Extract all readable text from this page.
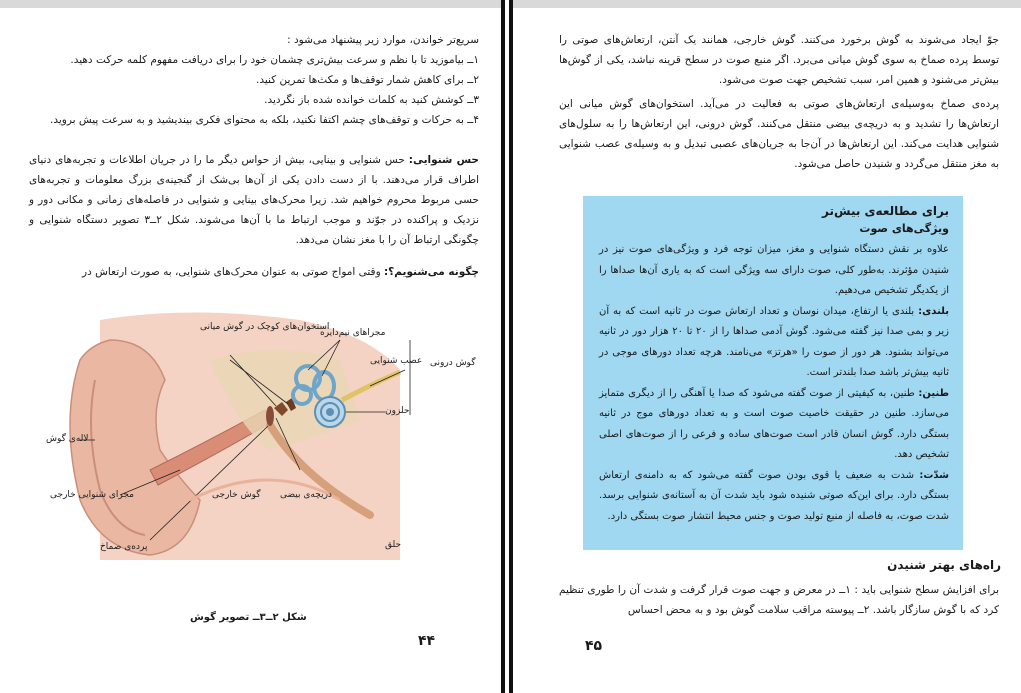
سریع‌تر خواندن، موارد زیر پیشنهاد می‌شود :
۱ــ بیاموزید تا با نظم و سرعت بیش‌تری چشمان خود را برای دریافت مفهوم کلمه حرکت دهید.
۲ــ برای کاهش شمار توقف‌ها و مکث‌ها تمرین کنید.
۳ــ کوشش کنید به کلمات خوانده شده باز نگردید.
۴ــ به حرکات و توقف‌های چشم اکتفا نکنید، بلکه به محتوای فکری بیندیشید و به سرعت پیش بروید.
حس شنوایی: حس شنوایی و بینایی، بیش از حواس دیگر ما را در جریان اطلاعات و تجربه‌های دنیای اطراف قرار می‌دهند. با از دست دادن یکی از آن‌ها بی‌شک از گنجینه‌ی بزرگ معلومات و تجربه‌های حسی مربوط محروم خواهیم شد. زیرا محرک‌های بینایی و شنوایی در فاصله‌های زمانی و مکانی دور و نزدیک و پراکنده در جوّند و موجب ارتباط ما با آن‌ها می‌شوند. شکل ۲ــ۳ تصویر دستگاه شنوایی و چگونگی ارتباط آن را با مغز نشان می‌دهد.
چگونه می‌شنویم؟: وقتی امواج صوتی به عنوان محرک‌های شنوایی، به صورت ارتعاش در
استخوان‌های کوچک در گوش میانی
مجراهای نیم‌دایره
عصب شنوایی گوش درونی
حلزون
لاله‌ی گوش
مجرای شنوایی خارجی	گوش خارجی دریچه‌ی بیضی
پرده‌ی صماخ	حلق
شکل ۲ــ۳ــ تصویر گوش
۴۴
جوّ ایجاد می‌شوند به گوش برخورد می‌کنند. گوش خارجی، همانند یک آنتن، ارتعاش‌های صوتی را توسط پرده صماخ به سوی گوش میانی می‌برد. اگر منبع صوت در سطح قرینه نباشد، یکی از گوش‌ها بیش‌تر می‌شنود و همین امر، سبب تشخیص جهت صوت می‌شود.
پرده‌ی صماخ به‌وسیله‌ی ارتعاش‌های صوتی به فعالیت در می‌آید. استخوان‌های گوش میانی این ارتعاش‌ها را تشدید و به دریچه‌ی بیضی منتقل می‌کنند. گوش درونی، این ارتعاش‌ها را به سلول‌های شنوایی هدایت می‌کند. این ارتعاش‌ها در آن‌جا به جریان‌های عصبی تبدیل و به وسیله‌ی عصب شنوایی به مغز منتقل می‌گردد و شنیدن حاصل می‌شود.
برای مطالعه‌ی بیش‌تر
ویژگی‌های صوت

علاوه بر نقش دستگاه شنوایی و مغز، میزان توجه فرد و ویژگی‌های صوت نیز در شنیدن مؤثرند. به‌طور کلی، صوت دارای سه ویژگی است که به یاری آن‌ها صداها را از یکدیگر تشخیص می‌دهیم.

بلندی: بلندی یا ارتفاع، میدان نوسان و تعداد ارتعاش صوت در ثانیه است که به آن زیر و بمی صدا نیز گفته می‌شود. گوش آدمی صداها را از ۲۰ تا ۲۰ هزار دور در ثانیه می‌تواند بشنود. هر دور از صوت را «هرتز» می‌نامند. هرچه تعداد دورهای موجی در ثانیه بیش‌تر باشد صدا بلندتر است.

طنین: طنین، به کیفیتی از صوت گفته می‌شود که صدا یا آهنگی را از دیگری متمایز می‌سازد. طنین در حقیقت خاصیت صوت است و به تعداد دورهای موج در ثانیه بستگی دارد. گوش انسان قادر است صوت‌های ساده و فرعی را از صوت‌های اصلی تشخیص دهد.

شدّت: شدت به ضعیف یا قوی بودن صوت گفته می‌شود که به دامنه‌ی ارتعاش بستگی دارد. برای این‌که صوتی شنیده شود باید شدت آن به آستانه‌ی شنوایی برسد. شدت صوت، به فاصله از منبع تولید صوت و جنس محیط انتشار صوت بستگی دارد.

راه‌های بهتر شنیدن
برای افزایش سطح شنوایی باید : ۱ــ در معرض و جهت صوت قرار گرفت و شدت آن را طوری تنظیم کرد که با گوش سازگار باشد. ۲ــ پیوسته مراقب سلامت گوش بود و به محض احساس
۴۵
